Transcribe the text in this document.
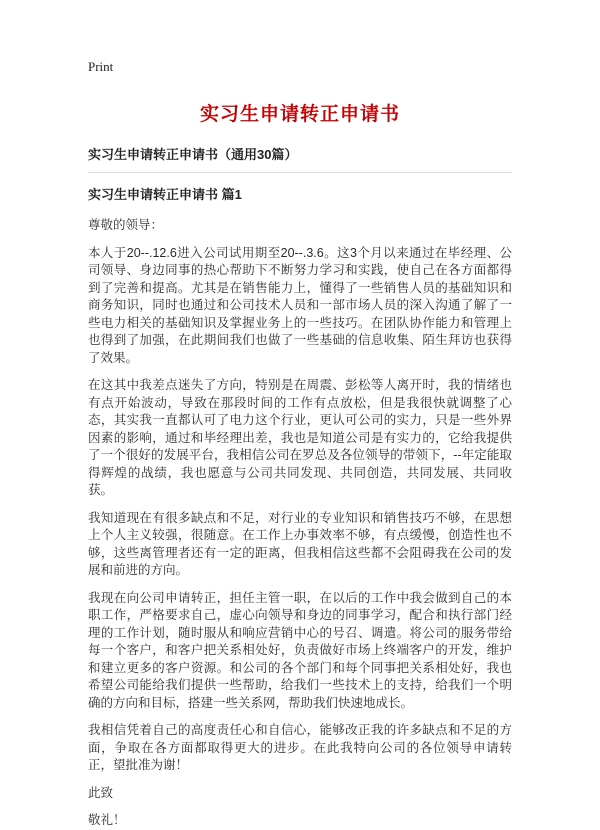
Print
实习生申请转正申请书
实习生申请转正申请书（通用30篇）
实习生申请转正申请书 篇1

尊敬的领导：

本人于20--.12.6进入公司试用期至20--.3.6。这3个月以来通过在毕经理、公司领导、身边同事的热心帮助下不断努力学习和实践，使自己在各方面都得到了完善和提高。尤其是在销售能力上，懂得了一些销售人员的基础知识和商务知识，同时也通过和公司技术人员和一部市场人员的深入沟通了解了一些电力相关的基础知识及掌握业务上的一些技巧。在团队协作能力和管理上也得到了加强，在此期间我们也做了一些基础的信息收集、陌生拜访也获得了效果。

在这其中我差点迷失了方向，特别是在周震、彭松等人离开时，我的情绪也有点开始波动，导致在那段时间的工作有点放松，但是我很快就调整了心态，其实我一直都认可了电力这个行业，更认可公司的实力，只是一些外界因素的影响，通过和毕经理出差，我也是知道公司是有实力的，它给我提供了一个很好的发展平台，我相信公司在罗总及各位领导的带领下，--年定能取得辉煌的战绩，我也愿意与公司共同发现、共同创造，共同发展、共同收获。

我知道现在有很多缺点和不足，对行业的专业知识和销售技巧不够，在思想上个人主义较强，很随意。在工作上办事效率不够，有点缓慢，创造性也不够，这些离管理者还有一定的距离，但我相信这些都不会阻碍我在公司的发展和前进的方向。

我现在向公司申请转正，担任主管一职，在以后的工作中我会做到自己的本职工作，严格要求自己，虚心向领导和身边的同事学习，配合和执行部门经理的工作计划，随时服从和响应营销中心的号召、调遣。将公司的服务带给每一个客户，和客户把关系相处好，负责做好市场上终端客户的开发，维护和建立更多的客户资源。和公司的各个部门和每个同事把关系相处好，我也希望公司能给我们提供一些帮助，给我们一些技术上的支持，给我们一个明确的方向和目标，搭建一些关系网，帮助我们快速地成长。

我相信凭着自己的高度责任心和自信心，能够改正我的许多缺点和不足的方面，争取在各方面都取得更大的进步。在此我特向公司的各位领导申请转正，望批准为谢！

此致

敬礼！
